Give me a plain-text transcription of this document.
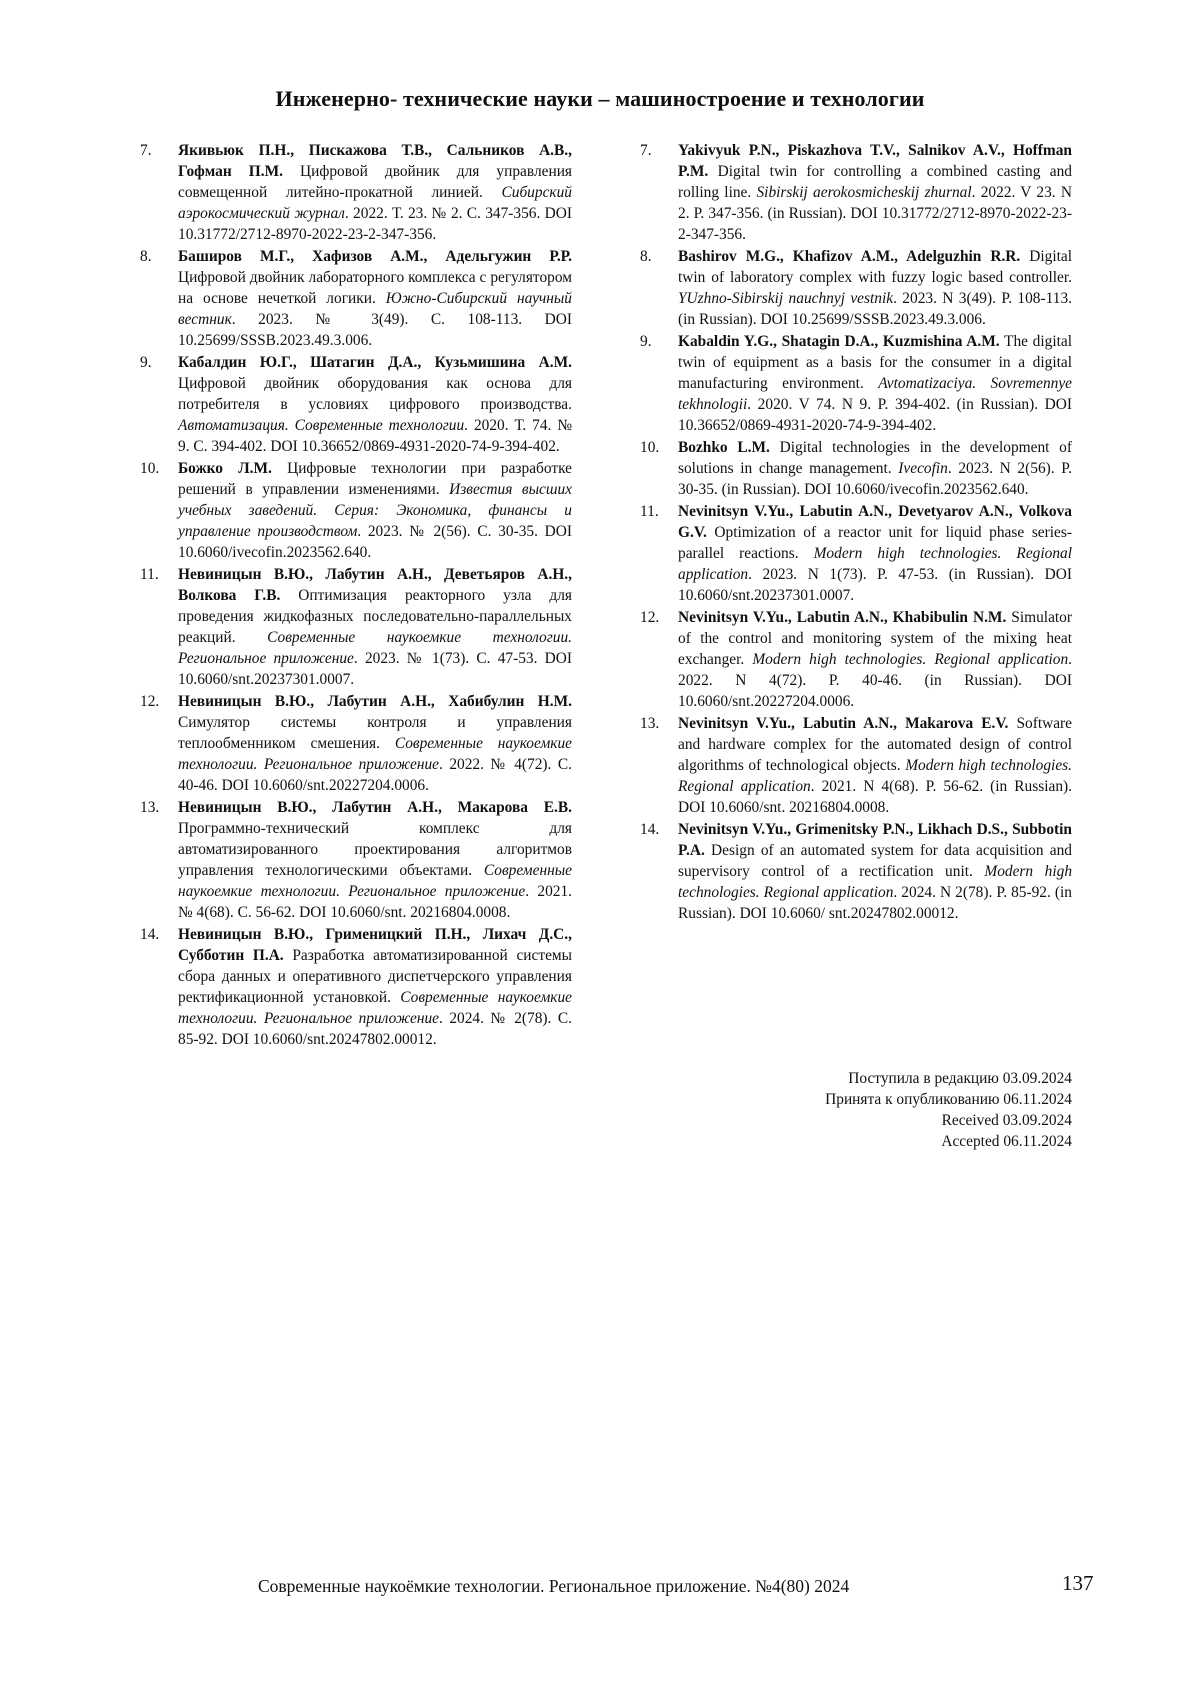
Инженерно- технические науки – машиностроение и технологии
7. Якивьюк П.Н., Пискажова Т.В., Сальников А.В., Гофман П.М. Цифровой двойник для управления совмещенной литейно-прокатной линией. Сибирский аэрокосмический журнал. 2022. Т. 23. № 2. С. 347-356. DOI 10.31772/2712-8970-2022-23-2-347-356.
8. Баширов М.Г., Хафизов А.М., Адельгужин Р.Р. Цифровой двойник лабораторного комплекса с регулятором на основе нечеткой логики. Южно-Сибирский научный вестник. 2023. № 3(49). С. 108-113. DOI 10.25699/SSSB.2023.49.3.006.
9. Кабалдин Ю.Г., Шатагин Д.А., Кузьмишина А.М. Цифровой двойник оборудования как основа для потребителя в условиях цифрового производства. Автоматизация. Современные технологии. 2020. Т. 74. № 9. С. 394-402. DOI 10.36652/0869-4931-2020-74-9-394-402.
10. Божко Л.М. Цифровые технологии при разработке решений в управлении изменениями. Известия высших учебных заведений. Серия: Экономика, финансы и управление производством. 2023. № 2(56). С. 30-35. DOI 10.6060/ivecofin.2023562.640.
11. Невиницын В.Ю., Лабутин А.Н., Деветьяров А.Н., Волкова Г.В. Оптимизация реакторного узла для проведения жидкофазных последовательно-параллельных реакций. Современные наукоемкие технологии. Региональное приложение. 2023. № 1(73). С. 47-53. DOI 10.6060/snt.20237301.0007.
12. Невиницын В.Ю., Лабутин А.Н., Хабибулин Н.М. Симулятор системы контроля и управления теплообменником смешения. Современные наукоемкие технологии. Региональное приложение. 2022. № 4(72). С. 40-46. DOI 10.6060/snt.20227204.0006.
13. Невиницын В.Ю., Лабутин А.Н., Макарова Е.В. Программно-технический комплекс для автоматизированного проектирования алгоритмов управления технологическими объектами. Современные наукоемкие технологии. Региональное приложение. 2021. № 4(68). С. 56-62. DOI 10.6060/snt. 20216804.0008.
14. Невиницын В.Ю., Грименицкий П.Н., Лихач Д.С., Субботин П.А. Разработка автоматизированной системы сбора данных и оперативного диспетчерского управления ректификационной установкой. Современные наукоемкие технологии. Региональное приложение. 2024. № 2(78). С. 85-92. DOI 10.6060/snt.20247802.00012.
7. Yakivyuk P.N., Piskazhova T.V., Salnikov A.V., Hoffman P.M. Digital twin for controlling a combined casting and rolling line. Sibirskij aerokosmicheskij zhurnal. 2022. V 23. N 2. P. 347-356. (in Russian). DOI 10.31772/2712-8970-2022-23-2-347-356.
8. Bashirov M.G., Khafizov A.M., Adelguzhin R.R. Digital twin of laboratory complex with fuzzy logic based controller. YUzhno-Sibirskij nauchnyj vestnik. 2023. N 3(49). P. 108-113. (in Russian). DOI 10.25699/SSSB.2023.49.3.006.
9. Kabaldin Y.G., Shatagin D.A., Kuzmishina A.M. The digital twin of equipment as a basis for the consumer in a digital manufacturing environment. Avtomatizaciya. Sovremennye tekhnologii. 2020. V 74. N 9. P. 394-402. (in Russian). DOI 10.36652/0869-4931-2020-74-9-394-402.
10. Bozhko L.M. Digital technologies in the development of solutions in change management. Ivecofin. 2023. N 2(56). P. 30-35. (in Russian). DOI 10.6060/ivecofin.2023562.640.
11. Nevinitsyn V.Yu., Labutin A.N., Devetyarov A.N., Volkova G.V. Optimization of a reactor unit for liquid phase series-parallel reactions. Modern high technologies. Regional application. 2023. N 1(73). P. 47-53. (in Russian). DOI 10.6060/snt.20237301.0007.
12. Nevinitsyn V.Yu., Labutin A.N., Khabibulin N.M. Simulator of the control and monitoring system of the mixing heat exchanger. Modern high technologies. Regional application. 2022. N 4(72). P. 40-46. (in Russian). DOI 10.6060/snt.20227204.0006.
13. Nevinitsyn V.Yu., Labutin A.N., Makarova E.V. Software and hardware complex for the automated design of control algorithms of technological objects. Modern high technologies. Regional application. 2021. N 4(68). P. 56-62. (in Russian). DOI 10.6060/snt. 20216804.0008.
14. Nevinitsyn V.Yu., Grimenitsky P.N., Likhach D.S., Subbotin P.A. Design of an automated system for data acquisition and supervisory control of a rectification unit. Modern high technologies. Regional application. 2024. N 2(78). P. 85-92. (in Russian). DOI 10.6060/ snt.20247802.00012.
Поступила в редакцию 03.09.2024
Принята к опубликованию 06.11.2024
Received 03.09.2024
Accepted 06.11.2024
Современные наукоёмкие технологии. Региональное приложение. №4(80) 2024	137
